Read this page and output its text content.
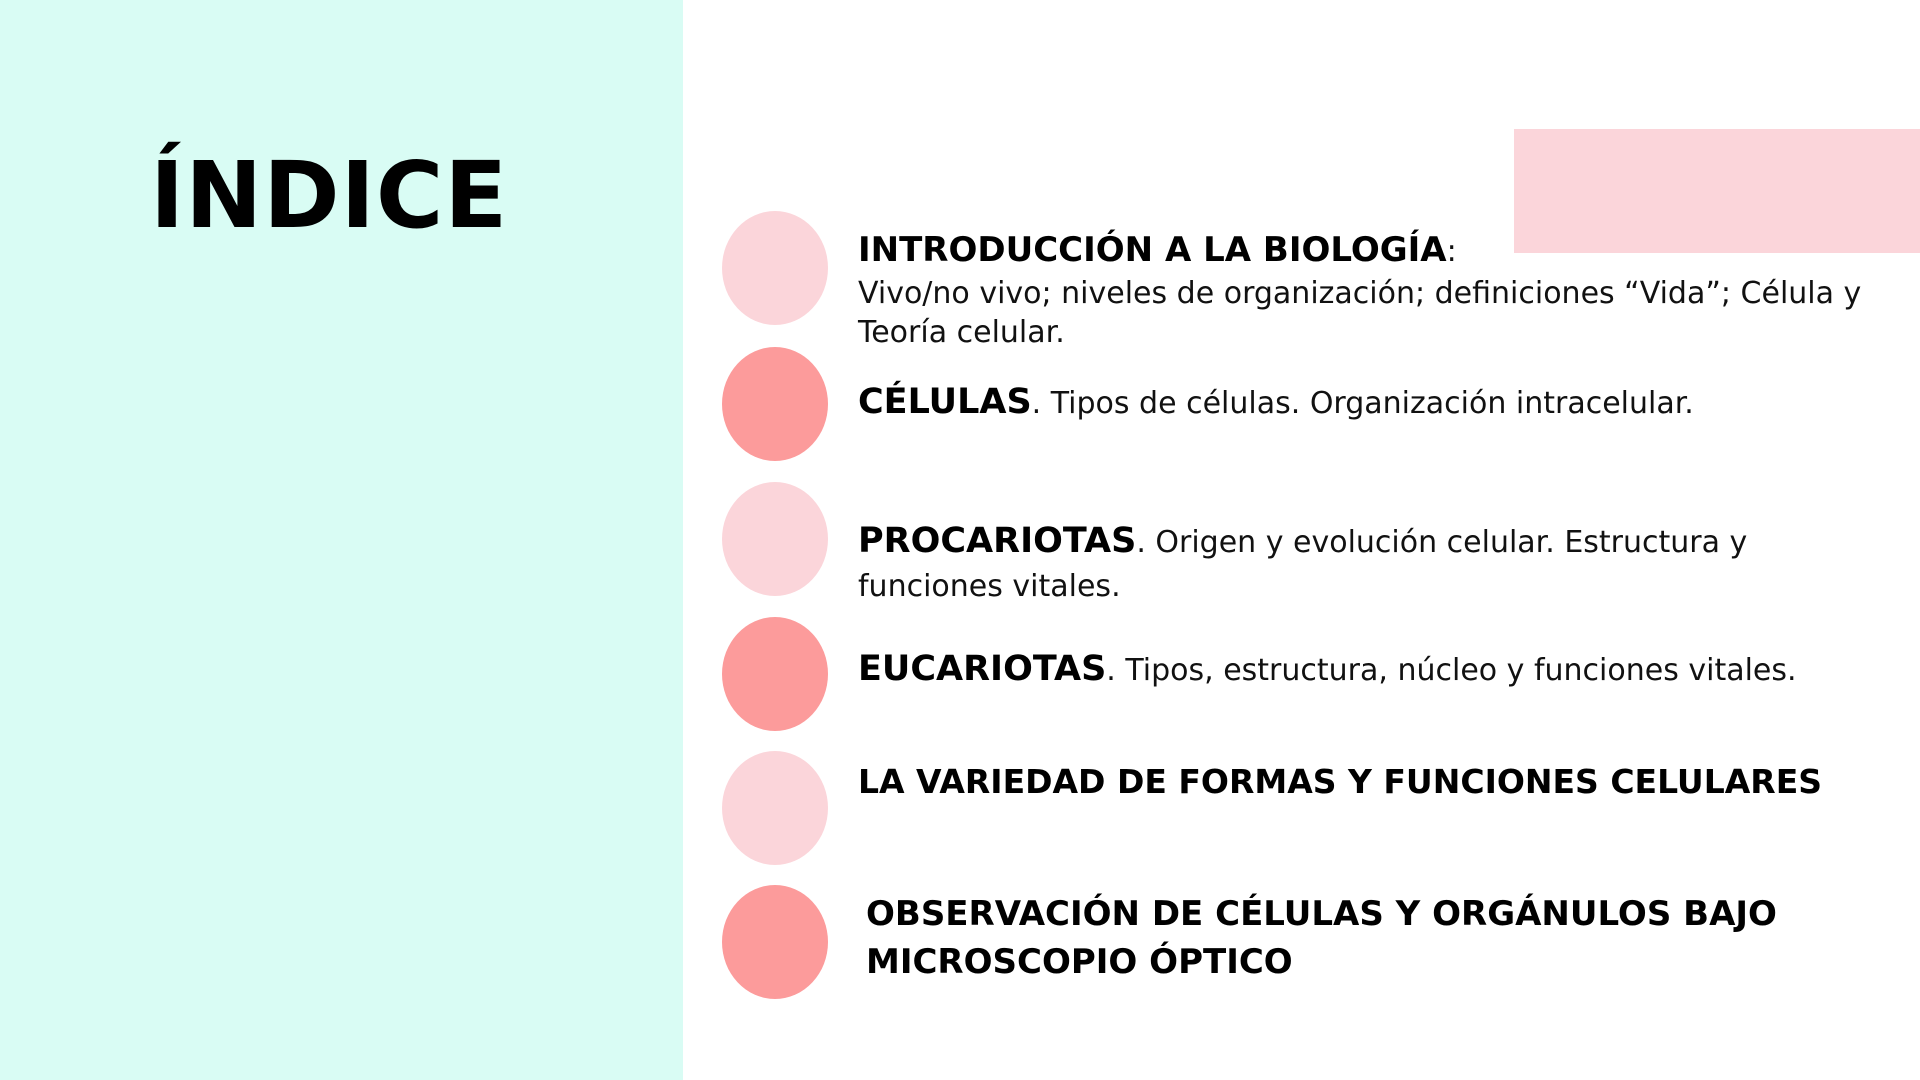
ÍNDICE
INTRODUCCIÓN A LA BIOLOGÍA:
Vivo/no vivo; niveles de organización; definiciones “Vida”; Célula y Teoría celular.
CÉLULAS. Tipos de células. Organización intracelular.
PROCARIOTAS. Origen y evolución celular. Estructura y funciones vitales.
EUCARIOTAS. Tipos, estructura, núcleo y funciones vitales.
LA VARIEDAD DE FORMAS Y FUNCIONES CELULARES
OBSERVACIÓN DE CÉLULAS Y ORGÁNULOS BAJO MICROSCOPIO ÓPTICO
